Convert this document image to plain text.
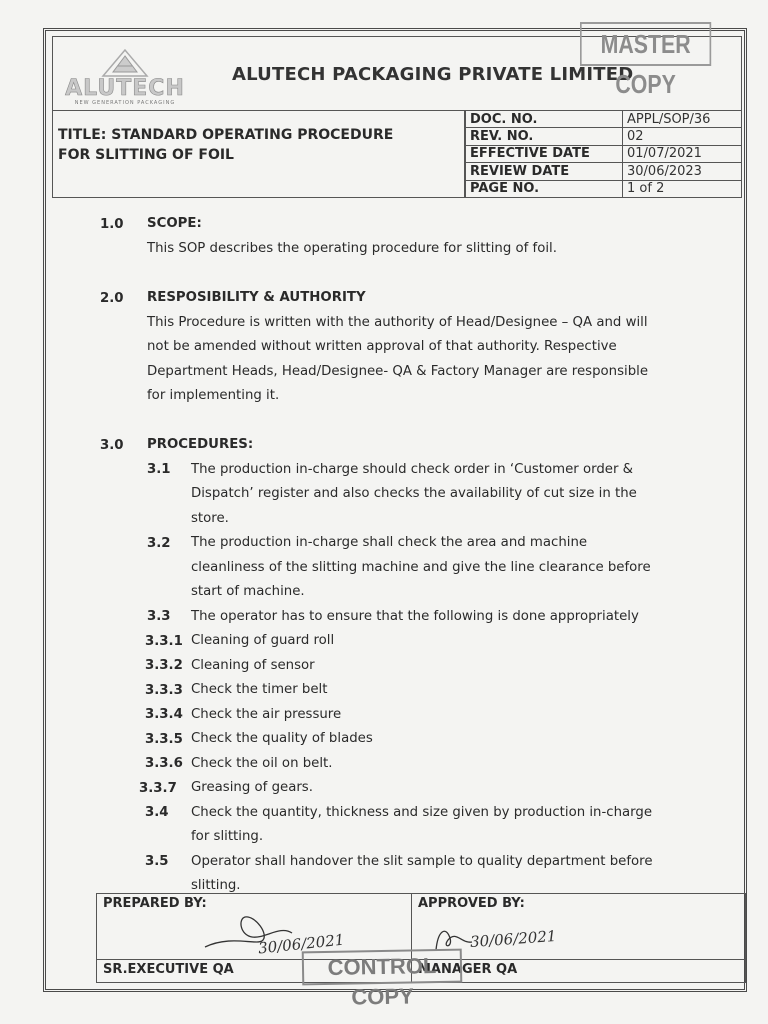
ALUTECH
NEW GENERATION PACKAGING
ALUTECH PACKAGING PRIVATE LIMITED
MASTER COPY
TITLE: STANDARD OPERATING PROCEDURE
FOR SLITTING OF FOIL
DOC. NO.	APPL/SOP/36
REV. NO.	02
EFFECTIVE DATE	01/07/2021
REVIEW DATE	30/06/2023
PAGE NO.	1 of 2
1.0 SCOPE:
This SOP describes the operating procedure for slitting of foil.
2.0 RESPOSIBILITY & AUTHORITY
This Procedure is written with the authority of Head/Designee – QA and will
not be amended without written approval of that authority. Respective
Department Heads, Head/Designee- QA & Factory Manager are responsible
for implementing it.
3.0 PROCEDURES:
3.1 The production in-charge should check order in ‘Customer order &
Dispatch’ register and also checks the availability of cut size in the
store.
3.2 The production in-charge shall check the area and machine
cleanliness of the slitting machine and give the line clearance before
start of machine.
3.3 The operator has to ensure that the following is done appropriately
3.3.1 Cleaning of guard roll
3.3.2 Cleaning of sensor
3.3.3 Check the timer belt
3.3.4 Check the air pressure
3.3.5 Check the quality of blades
3.3.6 Check the oil on belt.
3.3.7 Greasing of gears.
3.4 Check the quantity, thickness and size given by production in-charge
for slitting.
3.5 Operator shall handover the slit sample to quality department before
slitting.
PREPARED BY:	APPROVED BY:
SR.EXECUTIVE QA	MANAGER QA
30/06/2021	30/06/2021
CONTROL COPY
